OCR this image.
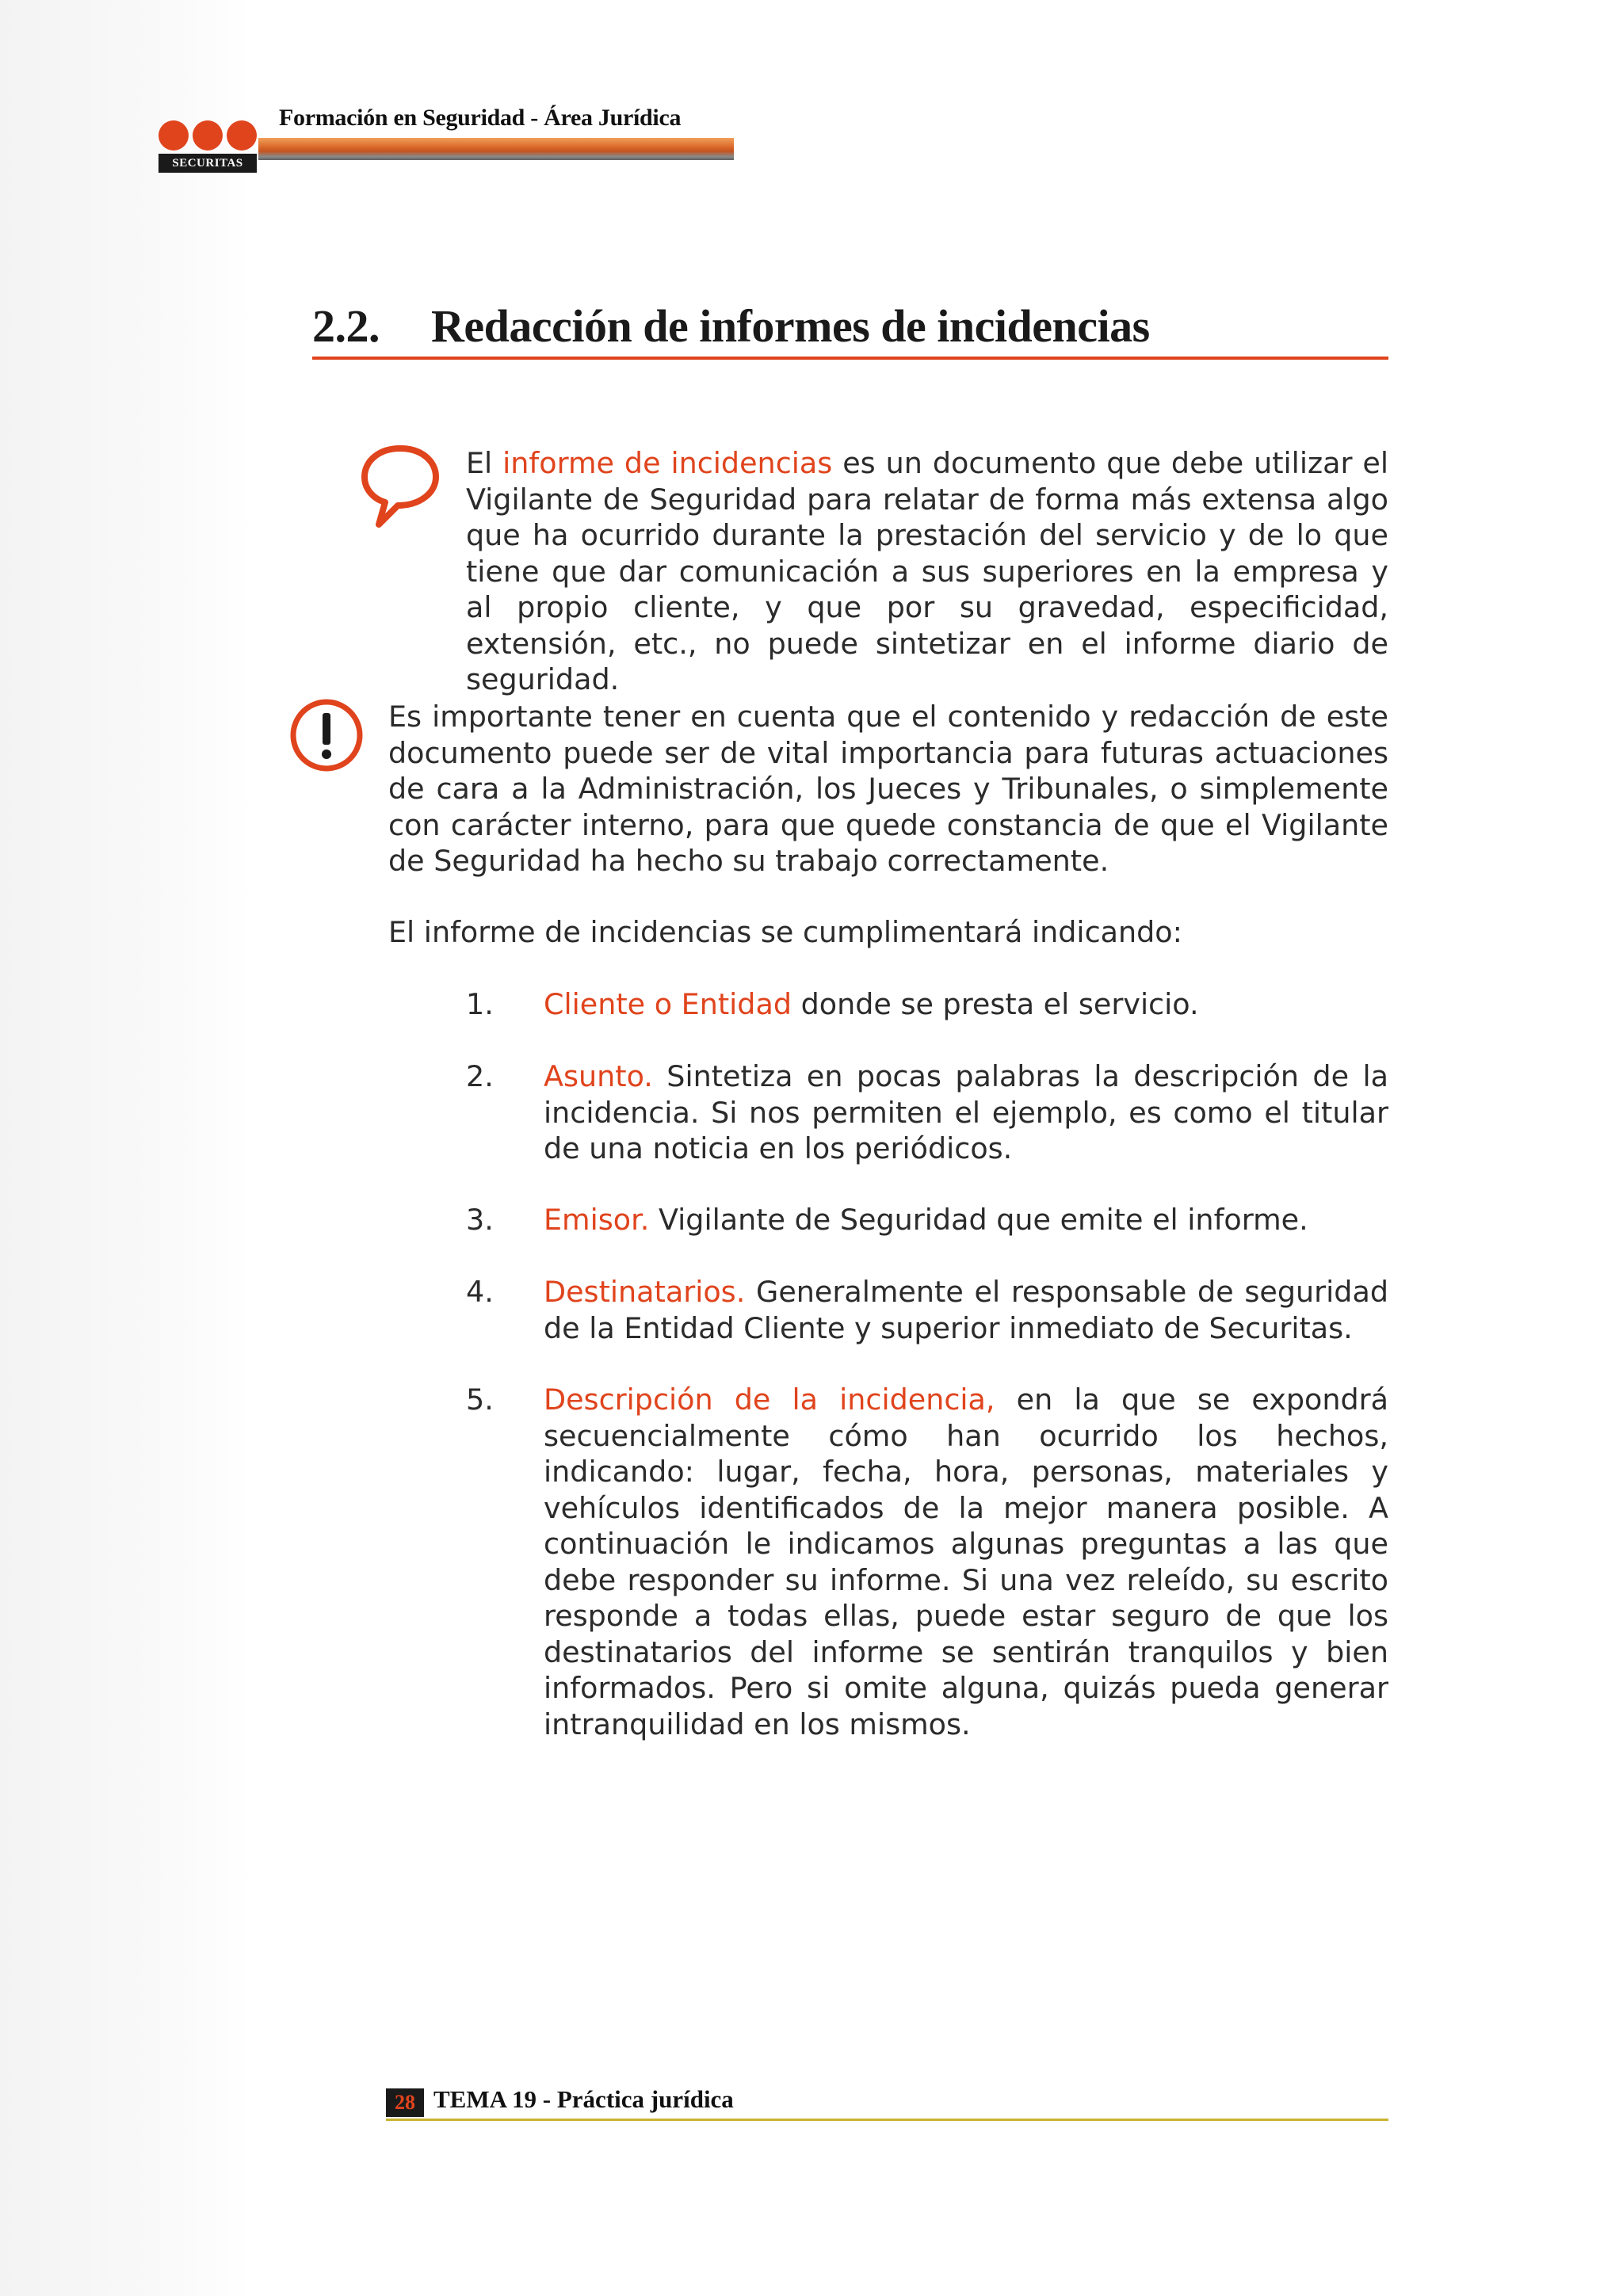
SECURITAS
Formación en Seguridad - Área Jurídica
2.2. Redacción de informes de incidencias
El informe de incidencias es un documento que debe utilizar el Vigilante de Seguridad para relatar de forma más extensa algo que ha ocurrido durante la prestación del servicio y de lo que tiene que dar comunicación a sus superiores en la empresa y al propio cliente, y que por su gravedad, especificidad, extensión, etc., no puede sintetizar en el informe diario de seguridad.
Es importante tener en cuenta que el contenido y redacción de este documento puede ser de vital importancia para futuras actuaciones de cara a la Administración, los Jueces y Tribunales, o simplemente con carácter interno, para que quede constancia de que el Vigilante de Seguridad ha hecho su trabajo correctamente.
El informe de incidencias se cumplimentará indicando:
1. Cliente o Entidad donde se presta el servicio.
2. Asunto. Sintetiza en pocas palabras la descripción de la incidencia. Si nos permiten el ejemplo, es como el titular de una noticia en los periódicos.
3. Emisor. Vigilante de Seguridad que emite el informe.
4. Destinatarios. Generalmente el responsable de seguridad de la Entidad Cliente y superior inmediato de Securitas.
5. Descripción de la incidencia, en la que se expondrá secuencialmente cómo han ocurrido los hechos, indicando: lugar, fecha, hora, personas, materiales y vehículos identificados de la mejor manera posible. A continuación le indicamos algunas preguntas a las que debe responder su informe. Si una vez releído, su escrito responde a todas ellas, puede estar seguro de que los destinatarios del informe se sentirán tranquilos y bien informados. Pero si omite alguna, quizás pueda generar intranquilidad en los mismos.
28 TEMA 19 - Práctica jurídica
